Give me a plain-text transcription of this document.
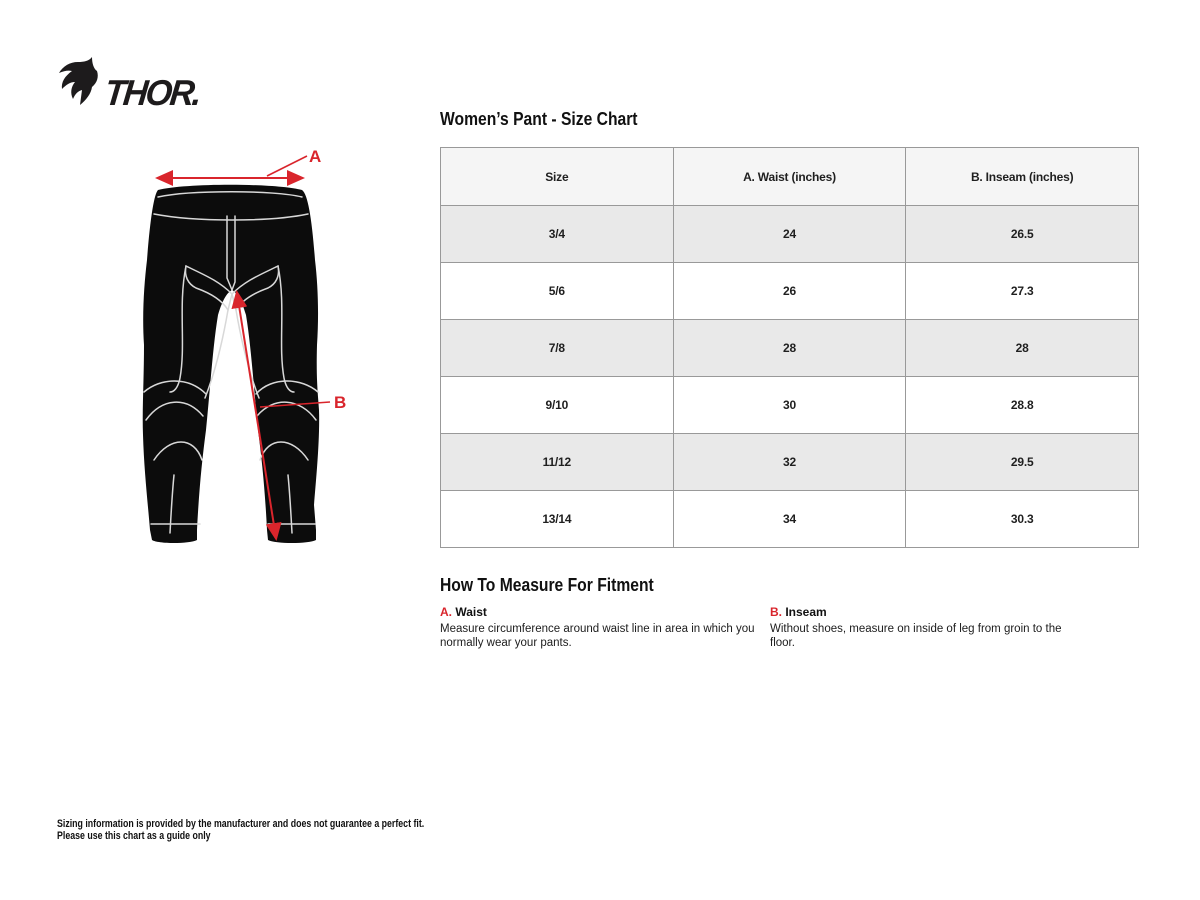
THOR.
A
B
Women’s Pant - Size Chart
Size	A. Waist (inches)	B. Inseam (inches)
3/4	24	26.5
5/6	26	27.3
7/8	28	28
9/10	30	28.8
11/12	32	29.5
13/14	34	30.3
How To Measure For Fitment
A. Waist
Measure circumference around waist line in area in which you normally wear your pants.
B. Inseam
Without shoes, measure on inside of leg from groin to the floor.
Sizing information is provided by the manufacturer and does not guarantee a perfect fit.
Please use this chart as a guide only
